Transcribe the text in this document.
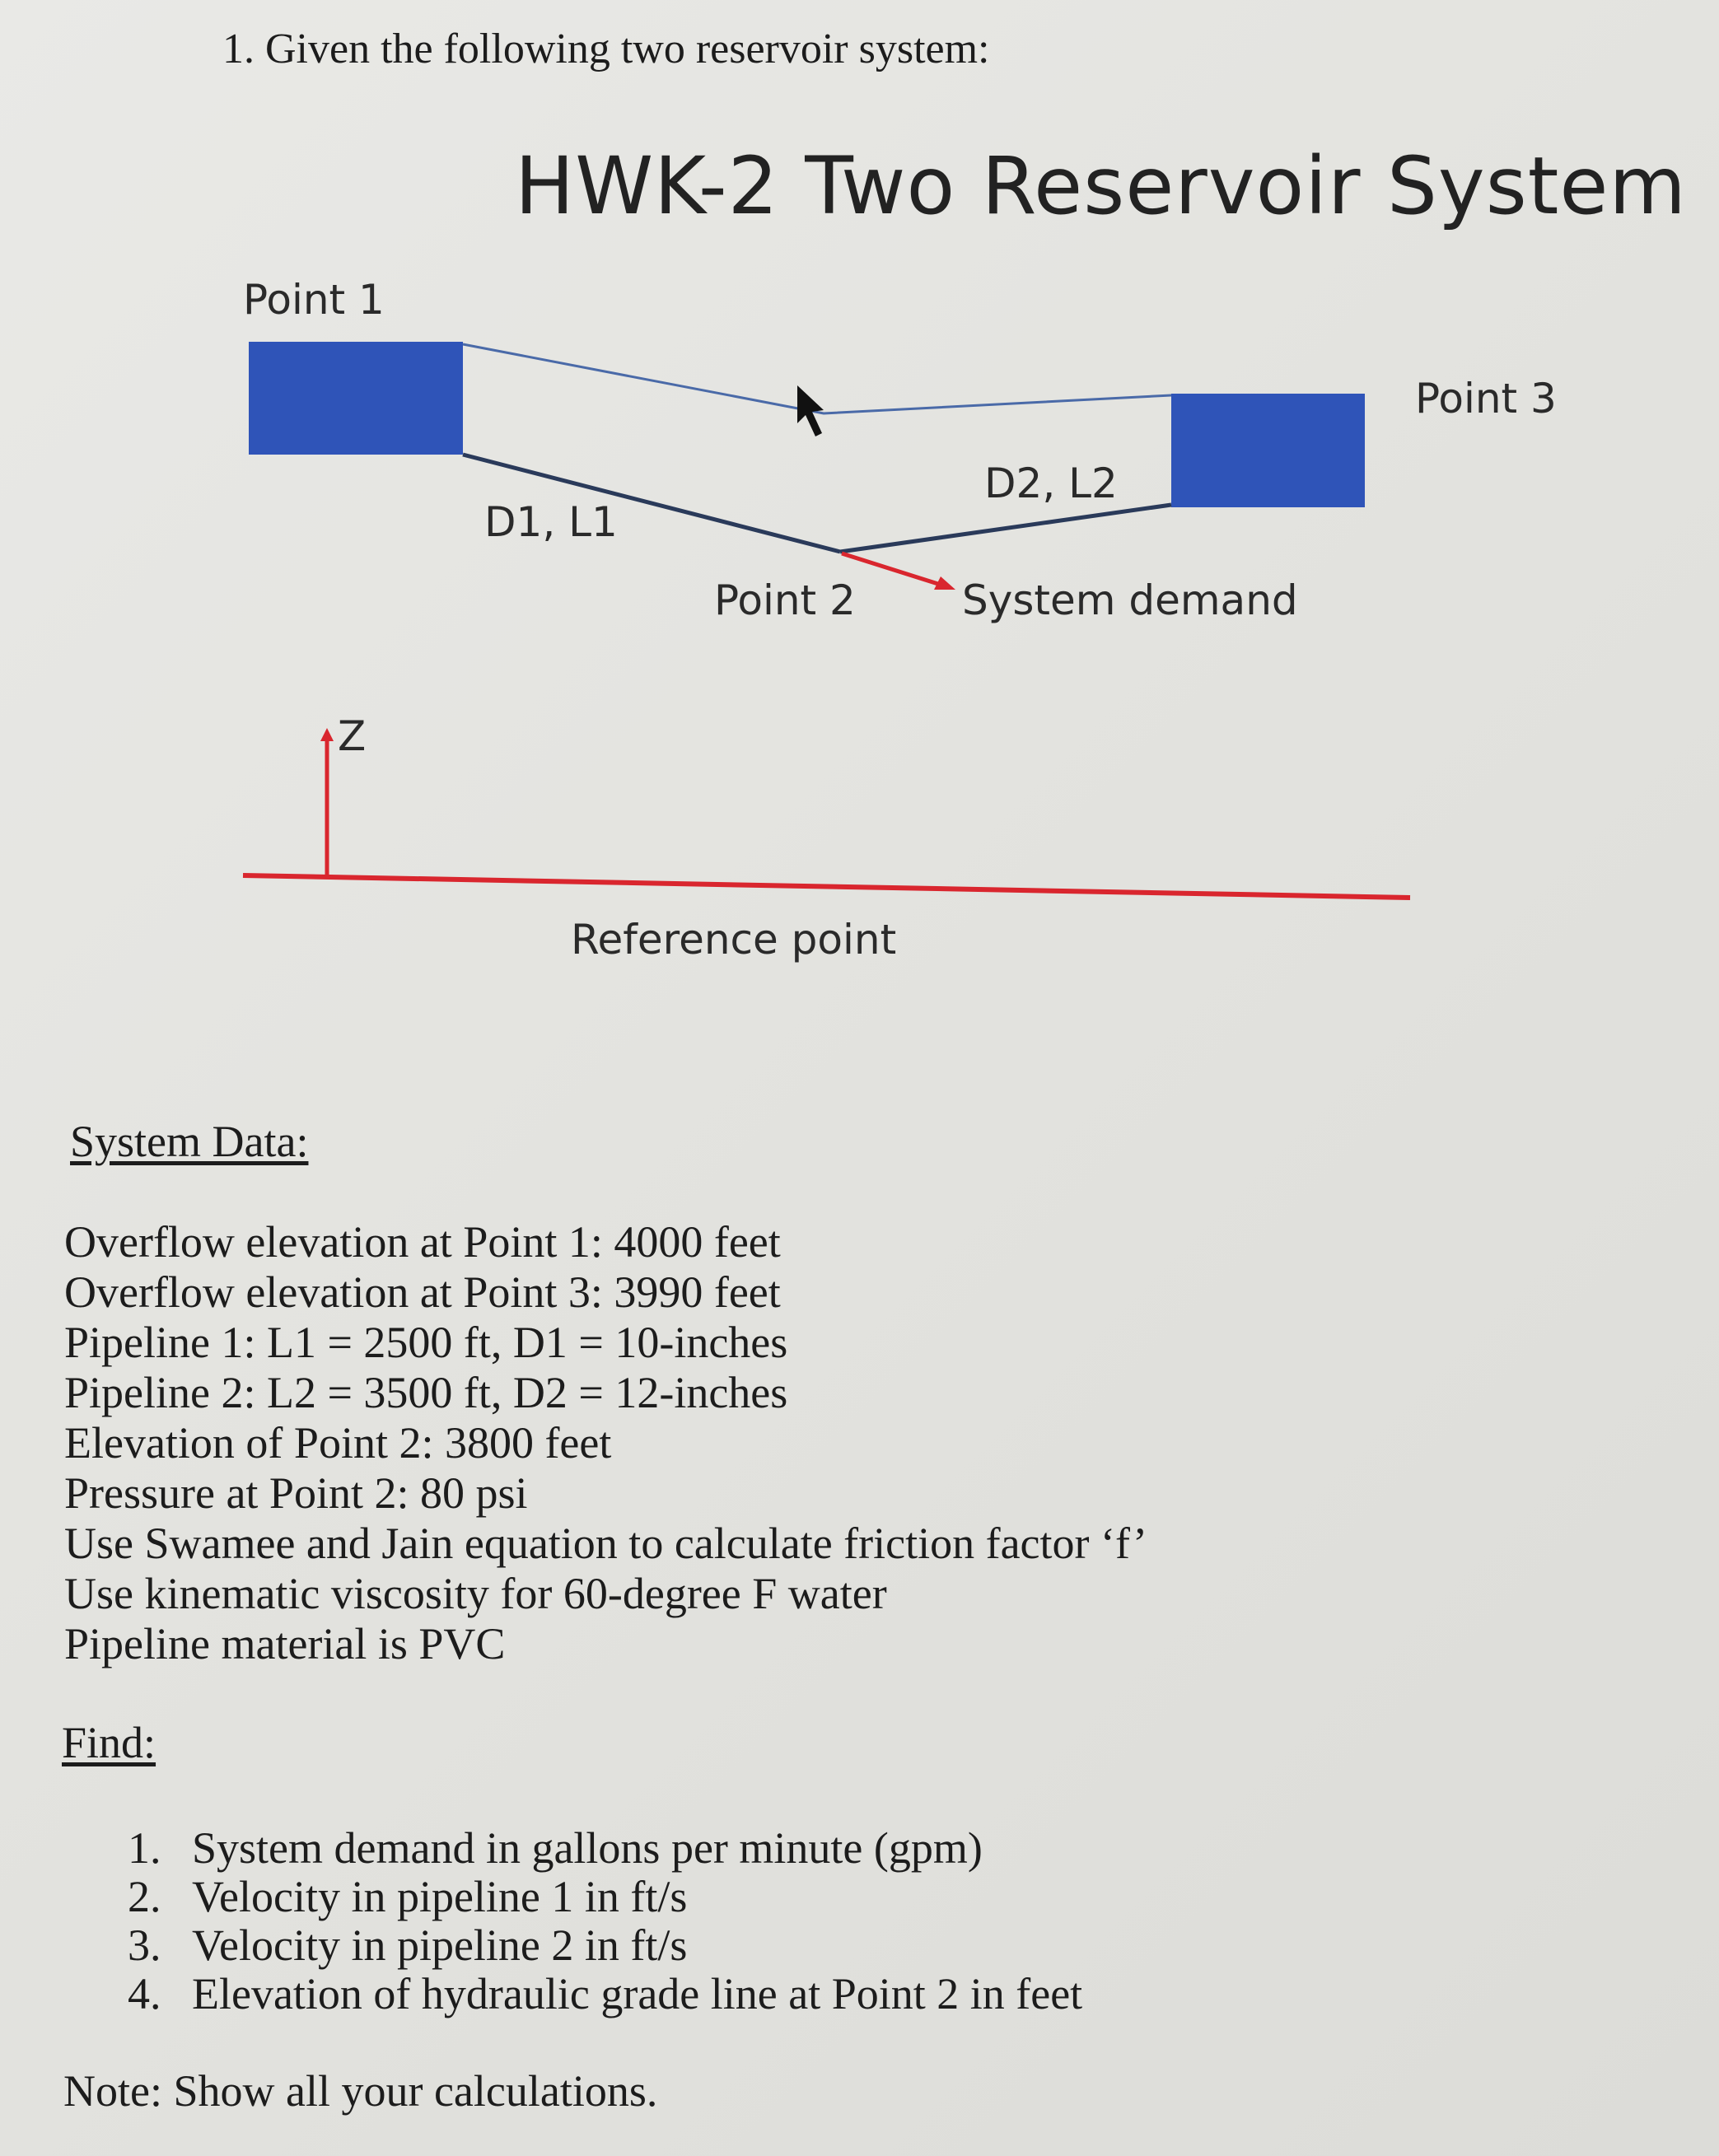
1. Given the following two reservoir system:
HWK-2 Two Reservoir System
Point 1
Point 3
D2, L2
D1, L1
Point 2	System demand
Z
Reference point
System Data:
Overflow elevation at Point 1: 4000 feet
Overflow elevation at Point 3: 3990 feet
Pipeline 1: L1 = 2500 ft, D1 = 10-inches
Pipeline 2: L2 = 3500 ft, D2 = 12-inches
Elevation of Point 2: 3800 feet
Pressure at Point 2: 80 psi
Use Swamee and Jain equation to calculate friction factor ‘f’
Use kinematic viscosity for 60-degree F water
Pipeline material is PVC
Find:
1. System demand in gallons per minute (gpm)
2. Velocity in pipeline 1 in ft/s
3. Velocity in pipeline 2 in ft/s
4. Elevation of hydraulic grade line at Point 2 in feet
Note: Show all your calculations.
